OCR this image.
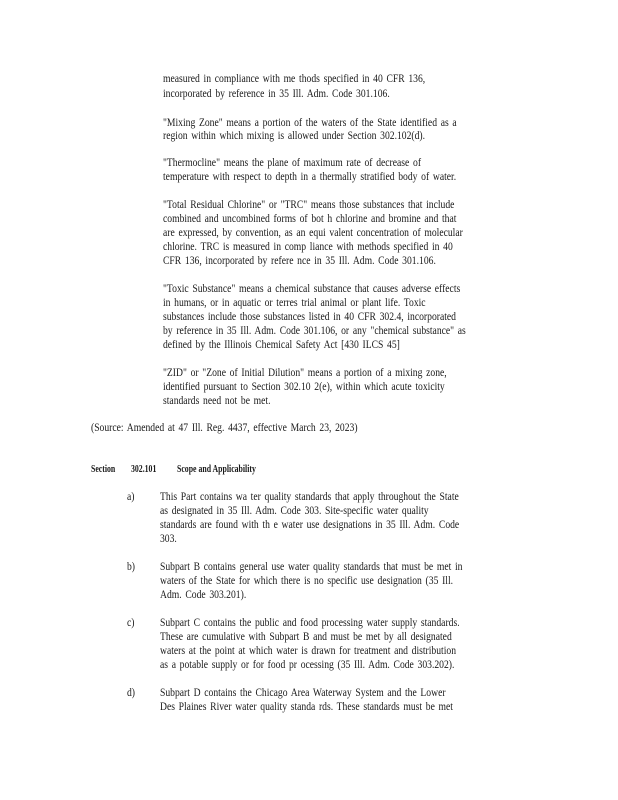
measured in compliance with me thods specified in 40 CFR 136,
incorporated by reference in 35 Ill. Adm. Code 301.106.
"Mixing Zone" means a portion of the waters of the State identified as a
region within which mixing is allowed under Section 302.102(d).
"Thermocline" means the plane of maximum rate of decrease of
temperature with respect to depth in a thermally stratified body of water.
"Total Residual Chlorine" or "TRC" means those substances that include
combined and uncombined forms of bot h chlorine and bromine and that
are expressed, by convention, as an equi valent concentration of molecular
chlorine. TRC is measured in comp liance with methods specified in 40
CFR 136, incorporated by refere nce in 35 Ill. Adm. Code 301.106.
"Toxic Substance" means a chemical substance that causes adverse effects
in humans, or in aquatic or terres trial animal or plant life. Toxic
substances include those substances listed in 40 CFR 302.4, incorporated
by reference in 35 Ill. Adm. Code 301.106, or any "chemical substance" as
defined by the Illinois Chemical Safety Act [430 ILCS 45]
"ZID" or "Zone of Initial Dilution" means a portion of a mixing zone,
identified pursuant to Section 302.10 2(e), within which acute toxicity
standards need not be met.
(Source: Amended at 47 Ill. Reg. 4437, effective March 23, 2023)
Section 302.101 Scope and Applicability
a) This Part contains wa ter quality standards that apply throughout the State
as designated in 35 Ill. Adm. Code 303. Site-specific water quality
standards are found with th e water use designations in 35 Ill. Adm. Code
303.
b) Subpart B contains general use water quality standards that must be met in
waters of the State for which there is no specific use designation (35 Ill.
Adm. Code 303.201).
c) Subpart C contains the public and food processing water supply standards.
These are cumulative with Subpart B and must be met by all designated
waters at the point at which water is drawn for treatment and distribution
as a potable supply or for food pr ocessing (35 Ill. Adm. Code 303.202).
d) Subpart D contains the Chicago Area Waterway System and the Lower
Des Plaines River water quality standa rds. These standards must be met
